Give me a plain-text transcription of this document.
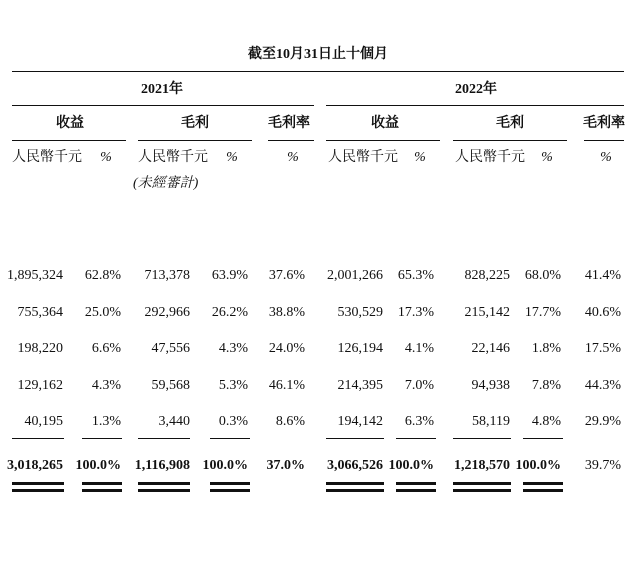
截至10月31日止十個月
2021年	2022年
收益	毛利	毛利率	收益	毛利	毛利率
人民幣千元 % 人民幣千元 %	% 人民幣千元 % 人民幣千元 %	%
(未經審計)
1,895,324 62.8% 713,378 63.9% 37.6% 2,001,266 65.3% 828,225 68.0% 41.4%
755,364 25.0% 292,966 26.2% 38.8% 530,529 17.3% 215,142 17.7% 40.6%
198,220 6.6% 47,556 4.3% 24.0% 126,194 4.1%	22,146 1.8% 17.5%
129,162 4.3% 59,568 5.3% 46.1% 214,395 7.0%	94,938 7.8% 44.3%
40,195 1.3%	3,440 0.3% 8.6% 194,142 6.3%	58,119 4.8% 29.9%
3,018,265 100.0% 1,116,908 100.0% 37.0% 3,066,526 100.0% 1,218,570 100.0% 39.7%
